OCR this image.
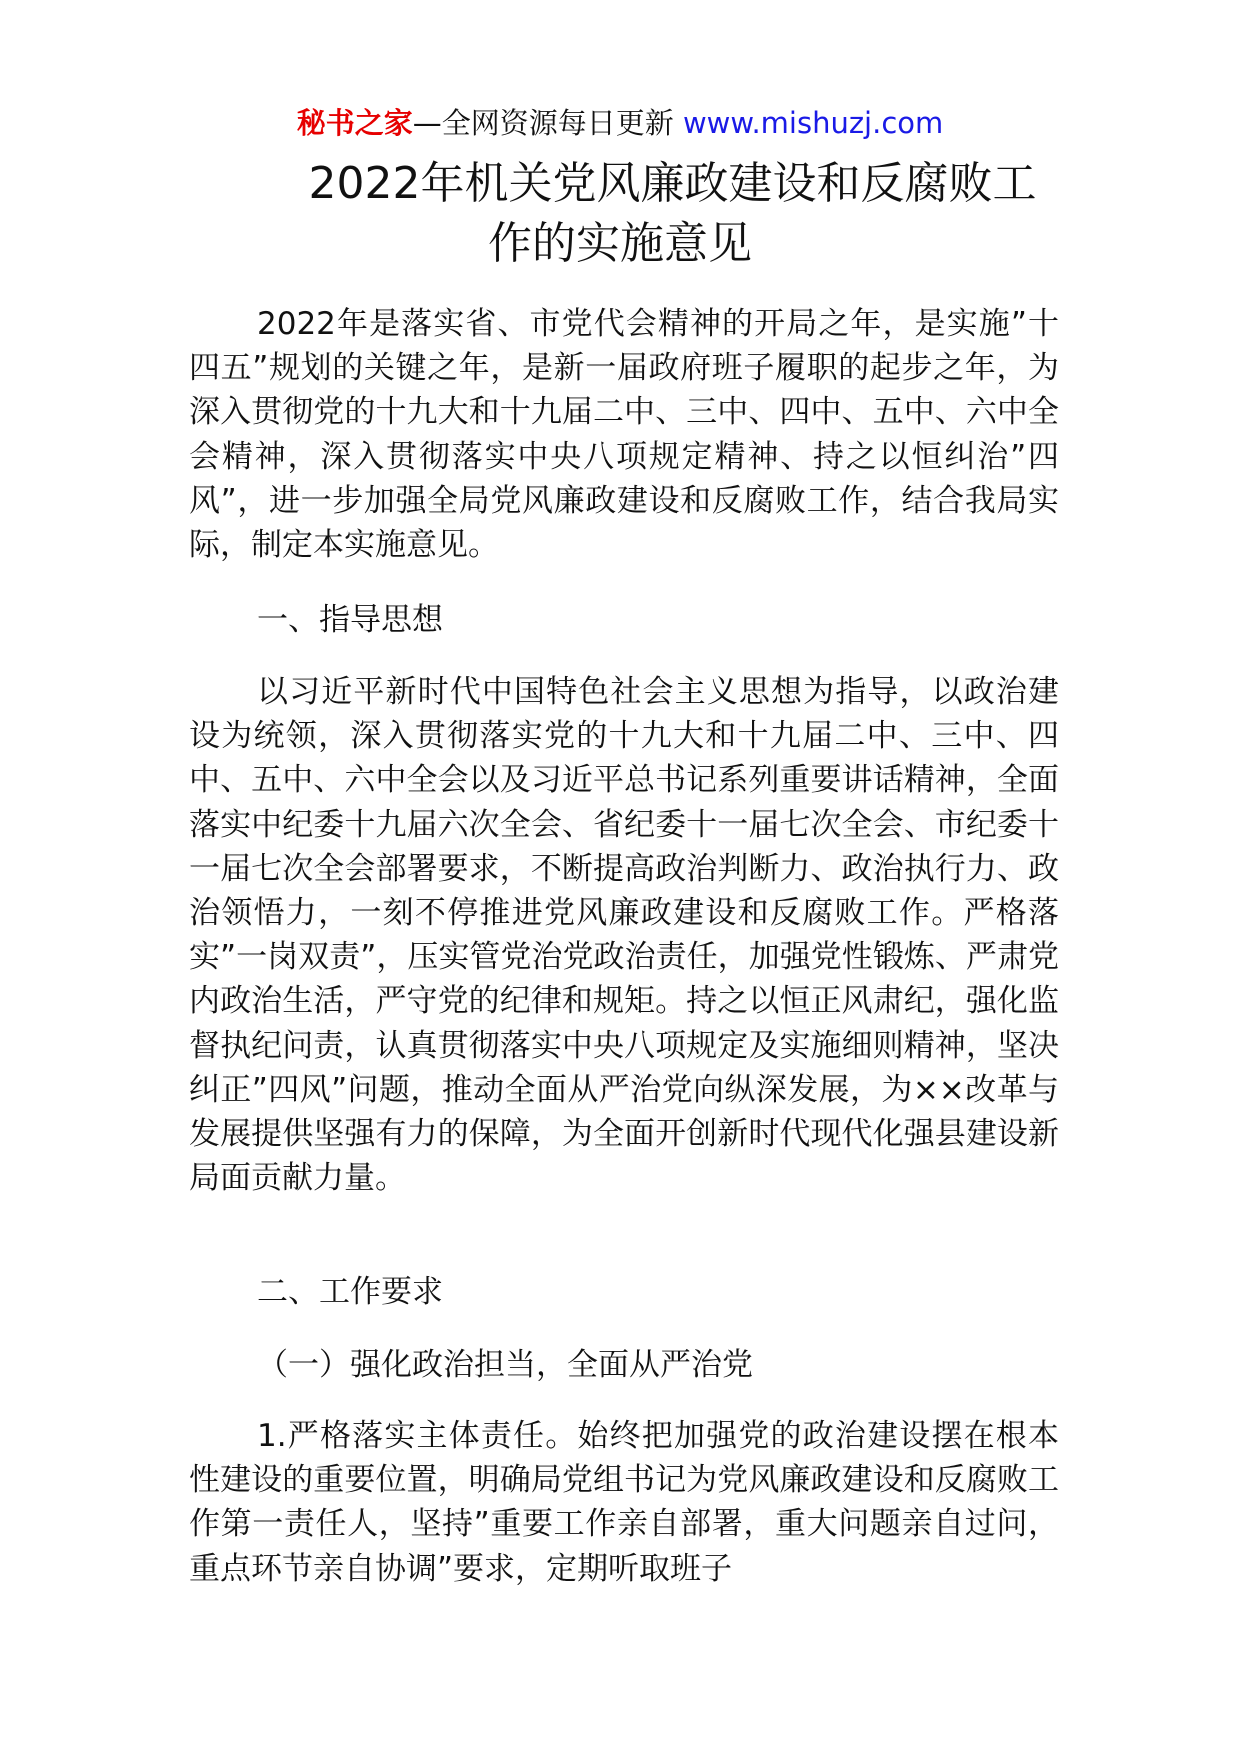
秘书之家—全网资源每日更新 www.mishuzj.com
2022年机关党风廉政建设和反腐败工
作的实施意见

2022年是落实省、市党代会精神的开局之年，是实施”十四五”规划的关键之年，是新一届政府班子履职的起步之年，为深入贯彻党的十九大和十九届二中、三中、四中、五中、六中全会精神，深入贯彻落实中央八项规定精神、持之以恒纠治”四风”，进一步加强全局党风廉政建设和反腐败工作，结合我局实际，制定本实施意见。

一、指导思想

以习近平新时代中国特色社会主义思想为指导，以政治建设为统领，深入贯彻落实党的十九大和十九届二中、三中、四中、五中、六中全会以及习近平总书记系列重要讲话精神，全面落实中纪委十九届六次全会、省纪委十一届七次全会、市纪委十一届七次全会部署要求，不断提高政治判断力、政治执行力、政治领悟力，一刻不停推进党风廉政建设和反腐败工作。严格落实”一岗双责”，压实管党治党政治责任，加强党性锻炼、严肃党内政治生活，严守党的纪律和规矩。持之以恒正风肃纪，强化监督执纪问责，认真贯彻落实中央八项规定及实施细则精神，坚决纠正”四风”问题，推动全面从严治党向纵深发展，为××改革与发展提供坚强有力的保障，为全面开创新时代现代化强县建设新局面贡献力量。

二、工作要求

（一）强化政治担当，全面从严治党

1.严格落实主体责任。始终把加强党的政治建设摆在根本性建设的重要位置，明确局党组书记为党风廉政建设和反腐败工作第一责任人，坚持”重要工作亲自部署，重大问题亲自过问，重点环节亲自协调”要求，定期听取班子
